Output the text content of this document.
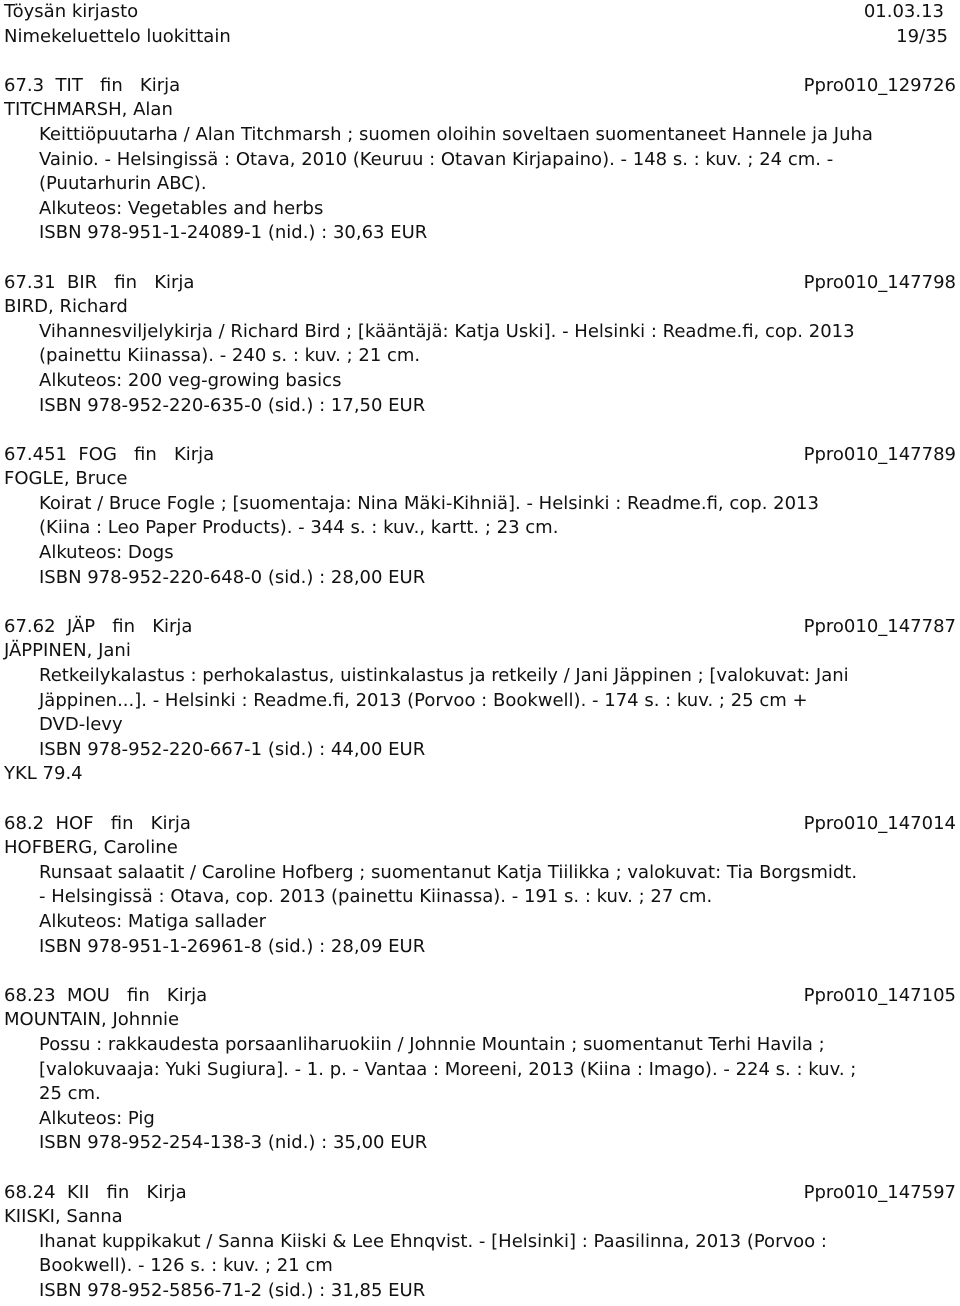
Töysän kirjasto	01.03.13
Nimekeluettelo luokittain	19/35
67.3  TIT   fin   Kirja	Ppro010_129726
TITCHMARSH, Alan
Keittiöpuutarha / Alan Titchmarsh ; suomen oloihin soveltaen suomentaneet Hannele ja Juha
Vainio. - Helsingissä : Otava, 2010 (Keuruu : Otavan Kirjapaino). - 148 s. : kuv. ; 24 cm. -
(Puutarhurin ABC).
Alkuteos: Vegetables and herbs
ISBN 978-951-1-24089-1 (nid.) : 30,63 EUR
67.31  BIR   fin   Kirja	Ppro010_147798
BIRD, Richard
Vihannesviljelykirja / Richard Bird ; [kääntäjä: Katja Uski]. - Helsinki : Readme.fi, cop. 2013
(painettu Kiinassa). - 240 s. : kuv. ; 21 cm.
Alkuteos: 200 veg-growing basics
ISBN 978-952-220-635-0 (sid.) : 17,50 EUR
67.451  FOG   fin   Kirja	Ppro010_147789
FOGLE, Bruce
Koirat / Bruce Fogle ; [suomentaja: Nina Mäki-Kihniä]. - Helsinki : Readme.fi, cop. 2013
(Kiina : Leo Paper Products). - 344 s. : kuv., kartt. ; 23 cm.
Alkuteos: Dogs
ISBN 978-952-220-648-0 (sid.) : 28,00 EUR
67.62  JÄP   fin   Kirja	Ppro010_147787
JÄPPINEN, Jani
Retkeilykalastus : perhokalastus, uistinkalastus ja retkeily / Jani Jäppinen ; [valokuvat: Jani
Jäppinen...]. - Helsinki : Readme.fi, 2013 (Porvoo : Bookwell). - 174 s. : kuv. ; 25 cm +
DVD-levy
ISBN 978-952-220-667-1 (sid.) : 44,00 EUR
YKL 79.4
68.2  HOF   fin   Kirja	Ppro010_147014
HOFBERG, Caroline
Runsaat salaatit / Caroline Hofberg ; suomentanut Katja Tiilikka ; valokuvat: Tia Borgsmidt.
- Helsingissä : Otava, cop. 2013 (painettu Kiinassa). - 191 s. : kuv. ; 27 cm.
Alkuteos: Matiga sallader
ISBN 978-951-1-26961-8 (sid.) : 28,09 EUR
68.23  MOU   fin   Kirja	Ppro010_147105
MOUNTAIN, Johnnie
Possu : rakkaudesta porsaanliharuokiin / Johnnie Mountain ; suomentanut Terhi Havila ;
[valokuvaaja: Yuki Sugiura]. - 1. p. - Vantaa : Moreeni, 2013 (Kiina : Imago). - 224 s. : kuv. ;
25 cm.
Alkuteos: Pig
ISBN 978-952-254-138-3 (nid.) : 35,00 EUR
68.24  KII   fin   Kirja	Ppro010_147597
KIISKI, Sanna
Ihanat kuppikakut / Sanna Kiiski & Lee Ehnqvist. - [Helsinki] : Paasilinna, 2013 (Porvoo :
Bookwell). - 126 s. : kuv. ; 21 cm
ISBN 978-952-5856-71-2 (sid.) : 31,85 EUR
